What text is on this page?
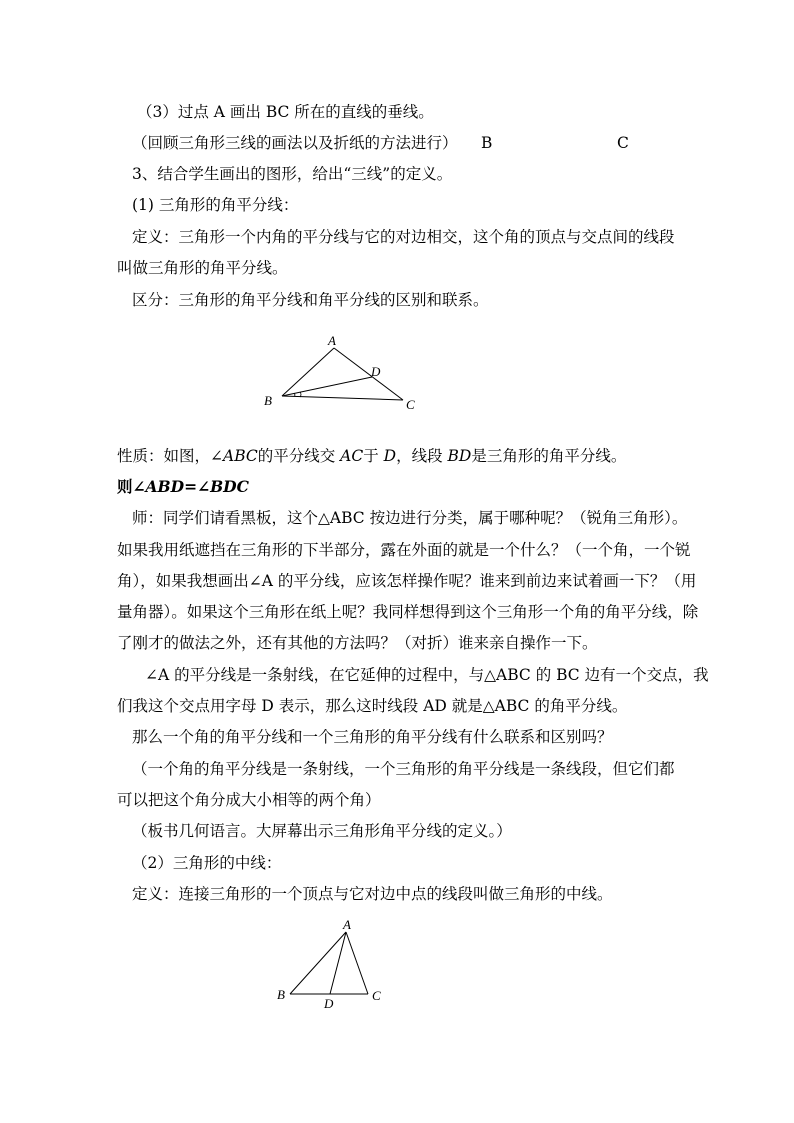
（3）过点 A 画出 BC 所在的直线的垂线。
（回顾三角形三线的画法以及折纸的方法进行） B	C
3、结合学生画出的图形，给出“三线”的定义。
(1) 三角形的角平分线：
定义：三角形一个内角的平分线与它的对边相交，这个角的顶点与交点间的线段
叫做三角形的角平分线。
区分：三角形的角平分线和角平分线的区别和联系。
A
B	C
D
性质：如图，∠ABC的平分线交 AC于 D，线段 BD是三角形的角平分线。
则∠ABD=∠BDC
师：同学们请看黑板，这个△ABC 按边进行分类，属于哪种呢？（锐角三角形）。
如果我用纸遮挡在三角形的下半部分，露在外面的就是一个什么？（一个角，一个锐
角），如果我想画出∠A 的平分线，应该怎样操作呢？谁来到前边来试着画一下？（用
量角器）。如果这个三角形在纸上呢？我同样想得到这个三角形一个角的角平分线，除
了刚才的做法之外，还有其他的方法吗？（对折）谁来亲自操作一下。
∠A 的平分线是一条射线，在它延伸的过程中，与△ABC 的 BC 边有一个交点，我
们我这个交点用字母 D 表示，那么这时线段 AD 就是△ABC 的角平分线。
那么一个角的角平分线和一个三角形的角平分线有什么联系和区别吗？
（一个角的角平分线是一条射线，一个三角形的角平分线是一条线段，但它们都
可以把这个角分成大小相等的两个角）
（板书几何语言。大屏幕出示三角形角平分线的定义。）
（2）三角形的中线：
定义：连接三角形的一个顶点与它对边中点的线段叫做三角形的中线。
A
B	C
D
